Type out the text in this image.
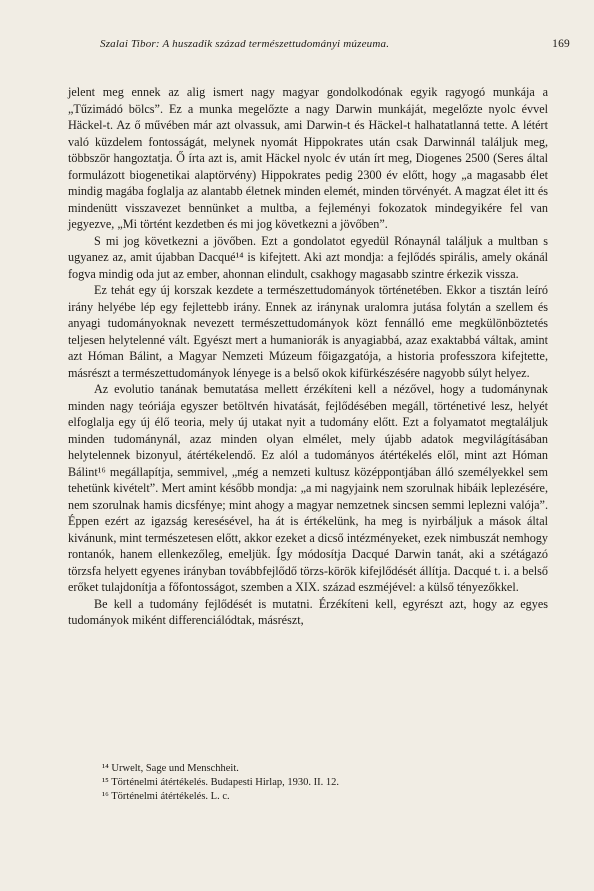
Szalai Tibor: A huszadik század természettudományi múzeuma.	169

jelent meg ennek az alig ismert nagy magyar gondolkodónak egyik ragyogó munkája a „Tűzimádó bölcs”. Ez a munka megelőzte a nagy Darwin munkáját, megelőzte nyolc évvel Häckel-t. Az ő művében már azt olvassuk, ami Darwin-t és Häckel-t halhatatlanná tette. A létért való küzdelem fontosságát, melynek nyomát Hippokrates után csak Darwinnál találjuk meg, többször hangoztatja. Ő írta azt is, amit Häckel nyolc év után írt meg, Diogenes 2500 (Seres által formulázott biogenetikai alaptörvény) Hippokrates pedig 2300 év előtt, hogy „a magasabb élet mindig magába foglalja az alantabb életnek minden elemét, minden törvényét. A magzat élet itt és mindenütt visszavezet bennünket a multba, a fejleményi fokozatok mindegyikére fel van jegyezve, „Mi történt kezdetben és mi jog következni a jövőben”.

S mi jog következni a jövőben. Ezt a gondolatot egyedül Rónaynál találjuk a multban s ugyanez az, amit újabban Dacqué¹⁴ is kifejtett. Aki azt mondja: a fejlődés spirális, amely okánál fogva mindig oda jut az ember, ahonnan elindult, csakhogy magasabb szintre érkezik vissza.

Ez tehát egy új korszak kezdete a természettudományok történetében. Ekkor a tisztán leíró irány helyébe lép egy fejlettebb irány. Ennek az iránynak uralomra jutása folytán a szellem és anyagi tudományoknak nevezett természettudományok közt fennálló eme megkülönböztetés teljesen helytelenné vált. Egyészt mert a humaniorák is anyagiabbá, azaz exaktabbá váltak, amint azt Hóman Bálint, a Magyar Nemzeti Múzeum főigazgatója, a historia professzora kifejtette, másrészt a természettudományok lényege is a belső okok kifürkészésére nagyobb súlyt helyez.

Az evolutio tanának bemutatása mellett érzékíteni kell a nézővel, hogy a tudománynak minden nagy teóriája egyszer betöltvén hivatását, fejlődésében megáll, történetivé lesz, helyét elfoglalja egy új élő teoria, mely új utakat nyit a tudomány előtt. Ezt a folyamatot megtaláljuk minden tudománynál, azaz minden olyan elmélet, mely újabb adatok megvilágításában helytelennek bizonyul, átértékelendő. Ez alól a tudományos átértékelés elől, mint azt Hóman Bálint¹⁶ megállapítja, semmivel, „még a nemzeti kultusz középpontjában álló személyekkel sem tehetünk kivételt”. Mert amint később mondja: „a mi nagyjaink nem szorulnak hibáik leplezésére, nem szorulnak hamis dicsfénye; mint ahogy a magyar nemzetnek sincsen semmi leplezni valója”. Éppen ezért az igazság keresésével, ha át is értékelünk, ha meg is nyirbáljuk a mások által kivánunk, mint természetesen előtt, akkor ezeket a dicső intézményeket, ezek nimbuszát nemhogy rontanók, hanem ellenkezőleg, emeljük. Így módosítja Dacqué Darwin tanát, aki a szétágazó törzsfa helyett egyenes irányban továbbfejlődő törzs-körök kifejlődését állítja. Dacqué t. i. a belső erőket tulajdonítja a főfontosságot, szemben a XIX. század eszméjével: a külső tényezőkkel.

Be kell a tudomány fejlődését is mutatni. Érzékíteni kell, egyrészt azt, hogy az egyes tudományok miként differenciálódtak, másrészt,

¹⁴ Urwelt, Sage und Menschheit.
¹⁵ Történelmi átértékelés. Budapesti Hirlap, 1930. II. 12.
¹⁶ Történelmi átértékelés. L. c.
